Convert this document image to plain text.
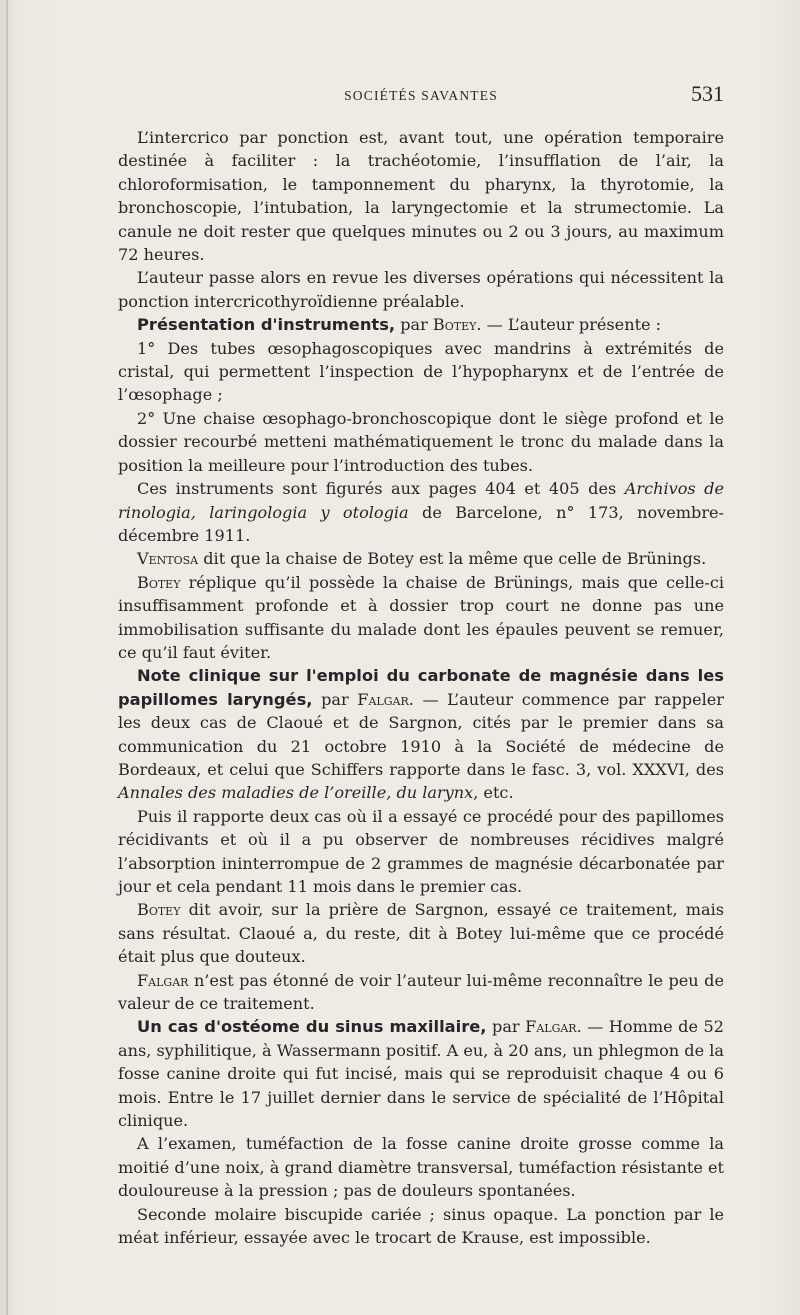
SOCIÉTÉS SAVANTES	531

L’intercrico par ponction est, avant tout, une opération temporaire destinée à faciliter : la trachéotomie, l’insufflation de l’air, la chloroformisation, le tamponnement du pharynx, la thyrotomie, la bronchoscopie, l’intubation, la laryngectomie et la strumectomie. La canule ne doit rester que quelques minutes ou 2 ou 3 jours, au maximum 72 heures.

L’auteur passe alors en revue les diverses opérations qui nécessitent la ponction intercricothyroïdienne préalable.

Présentation d'instruments, par Botey. — L’auteur présente :

1° Des tubes œsophagoscopiques avec mandrins à extrémités de cristal, qui permettent l’inspection de l’hypopharynx et de l’entrée de l’œsophage ;

2° Une chaise œsophago-bronchoscopique dont le siège profond et le dossier recourbé metteni mathématiquement le tronc du malade dans la position la meilleure pour l’introduction des tubes.

Ces instruments sont figurés aux pages 404 et 405 des Archivos de rinologia, laringologia y otologia de Barcelone, n° 173, novembre-décembre 1911.

Ventosa dit que la chaise de Botey est la même que celle de Brünings.

Botey réplique qu’il possède la chaise de Brünings, mais que celle-ci insuffisamment profonde et à dossier trop court ne donne pas une immobilisation suffisante du malade dont les épaules peuvent se remuer, ce qu’il faut éviter.

Note clinique sur l'emploi du carbonate de magnésie dans les papillomes laryngés, par Falgar. — L’auteur commence par rappeler les deux cas de Claoué et de Sargnon, cités par le premier dans sa communication du 21 octobre 1910 à la Société de médecine de Bordeaux, et celui que Schiffers rapporte dans le fasc. 3, vol. XXXVI, des Annales des maladies de l’oreille, du larynx, etc.

Puis il rapporte deux cas où il a essayé ce procédé pour des papillomes récidivants et où il a pu observer de nombreuses récidives malgré l’absorption ininterrompue de 2 grammes de magnésie décarbonatée par jour et cela pendant 11 mois dans le premier cas.

Botey dit avoir, sur la prière de Sargnon, essayé ce traitement, mais sans résultat. Claoué a, du reste, dit à Botey lui-même que ce procédé était plus que douteux.

Falgar n’est pas étonné de voir l’auteur lui-même reconnaître le peu de valeur de ce traitement.

Un cas d'ostéome du sinus maxillaire, par Falgar. — Homme de 52 ans, syphilitique, à Wassermann positif. A eu, à 20 ans, un phlegmon de la fosse canine droite qui fut incisé, mais qui se reproduisit chaque 4 ou 6 mois. Entre le 17 juillet dernier dans le service de spécialité de l’Hôpital clinique.

A l’examen, tuméfaction de la fosse canine droite grosse comme la moitié d’une noix, à grand diamètre transversal, tuméfaction résistante et douloureuse à la pression ; pas de douleurs spontanées.

Seconde molaire biscupide cariée ; sinus opaque. La ponction par le méat inférieur, essayée avec le trocart de Krause, est impossible.
